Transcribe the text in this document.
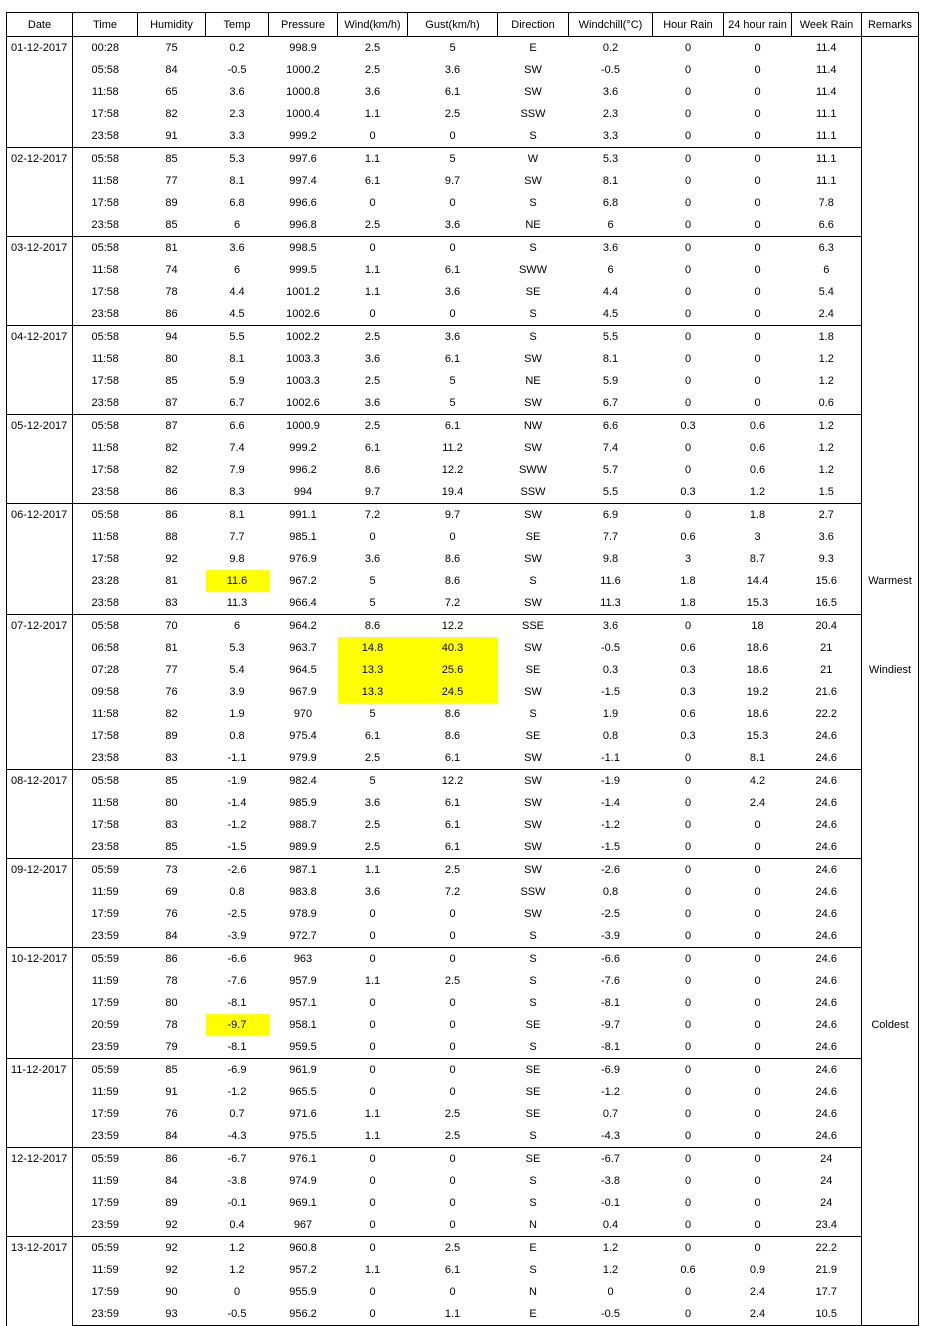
Date	Time	Humidity	Temp	Pressure	Wind(km/h)	Gust(km/h)	Direction	Windchill(°C)	Hour Rain	24 hour rain	Week Rain	Remarks
01-12-2017	00:28	75	0.2	998.9	2.5	5	E	0.2	0	0	11.4	
	05:58	84	-0.5	1000.2	2.5	3.6	SW	-0.5	0	0	11.4	
	11:58	65	3.6	1000.8	3.6	6.1	SW	3.6	0	0	11.4	
	17:58	82	2.3	1000.4	1.1	2.5	SSW	2.3	0	0	11.1	
	23:58	91	3.3	999.2	0	0	S	3.3	0	0	11.1	
02-12-2017	05:58	85	5.3	997.6	1.1	5	W	5.3	0	0	11.1	
	11:58	77	8.1	997.4	6.1	9.7	SW	8.1	0	0	11.1	
	17:58	89	6.8	996.6	0	0	S	6.8	0	0	7.8	
	23:58	85	6	996.8	2.5	3.6	NE	6	0	0	6.6	
03-12-2017	05:58	81	3.6	998.5	0	0	S	3.6	0	0	6.3	
	11:58	74	6	999.5	1.1	6.1	SWW	6	0	0	6	
	17:58	78	4.4	1001.2	1.1	3.6	SE	4.4	0	0	5.4	
	23:58	86	4.5	1002.6	0	0	S	4.5	0	0	2.4	
04-12-2017	05:58	94	5.5	1002.2	2.5	3.6	S	5.5	0	0	1.8	
	11:58	80	8.1	1003.3	3.6	6.1	SW	8.1	0	0	1.2	
	17:58	85	5.9	1003.3	2.5	5	NE	5.9	0	0	1.2	
	23:58	87	6.7	1002.6	3.6	5	SW	6.7	0	0	0.6	
05-12-2017	05:58	87	6.6	1000.9	2.5	6.1	NW	6.6	0.3	0.6	1.2	
	11:58	82	7.4	999.2	6.1	11.2	SW	7.4	0	0.6	1.2	
	17:58	82	7.9	996.2	8.6	12.2	SWW	5.7	0	0.6	1.2	
	23:58	86	8.3	994	9.7	19.4	SSW	5.5	0.3	1.2	1.5	
06-12-2017	05:58	86	8.1	991.1	7.2	9.7	SW	6.9	0	1.8	2.7	
	11:58	88	7.7	985.1	0	0	SE	7.7	0.6	3	3.6	
	17:58	92	9.8	976.9	3.6	8.6	SW	9.8	3	8.7	9.3	
	23:28	81	11.6	967.2	5	8.6	S	11.6	1.8	14.4	15.6	Warmest
	23:58	83	11.3	966.4	5	7.2	SW	11.3	1.8	15.3	16.5	
07-12-2017	05:58	70	6	964.2	8.6	12.2	SSE	3.6	0	18	20.4	
	06:58	81	5.3	963.7	14.8	40.3	SW	-0.5	0.6	18.6	21	
	07:28	77	5.4	964.5	13.3	25.6	SE	0.3	0.3	18.6	21	Windiest
	09:58	76	3.9	967.9	13.3	24.5	SW	-1.5	0.3	19.2	21.6	
	11:58	82	1.9	970	5	8.6	S	1.9	0.6	18.6	22.2	
	17:58	89	0.8	975.4	6.1	8.6	SE	0.8	0.3	15.3	24.6	
	23:58	83	-1.1	979.9	2.5	6.1	SW	-1.1	0	8.1	24.6	
08-12-2017	05:58	85	-1.9	982.4	5	12.2	SW	-1.9	0	4.2	24.6	
	11:58	80	-1.4	985.9	3.6	6.1	SW	-1.4	0	2.4	24.6	
	17:58	83	-1.2	988.7	2.5	6.1	SW	-1.2	0	0	24.6	
	23:58	85	-1.5	989.9	2.5	6.1	SW	-1.5	0	0	24.6	
09-12-2017	05:59	73	-2.6	987.1	1.1	2.5	SW	-2.6	0	0	24.6	
	11:59	69	0.8	983.8	3.6	7.2	SSW	0.8	0	0	24.6	
	17:59	76	-2.5	978.9	0	0	SW	-2.5	0	0	24.6	
	23:59	84	-3.9	972.7	0	0	S	-3.9	0	0	24.6	
10-12-2017	05:59	86	-6.6	963	0	0	S	-6.6	0	0	24.6	
	11:59	78	-7.6	957.9	1.1	2.5	S	-7.6	0	0	24.6	
	17:59	80	-8.1	957.1	0	0	S	-8.1	0	0	24.6	
	20:59	78	-9.7	958.1	0	0	SE	-9.7	0	0	24.6	Coldest
	23:59	79	-8.1	959.5	0	0	S	-8.1	0	0	24.6	
11-12-2017	05:59	85	-6.9	961.9	0	0	SE	-6.9	0	0	24.6	
	11:59	91	-1.2	965.5	0	0	SE	-1.2	0	0	24.6	
	17:59	76	0.7	971.6	1.1	2.5	SE	0.7	0	0	24.6	
	23:59	84	-4.3	975.5	1.1	2.5	S	-4.3	0	0	24.6	
12-12-2017	05:59	86	-6.7	976.1	0	0	SE	-6.7	0	0	24	
	11:59	84	-3.8	974.9	0	0	S	-3.8	0	0	24	
	17:59	89	-0.1	969.1	0	0	S	-0.1	0	0	24	
	23:59	92	0.4	967	0	0	N	0.4	0	0	23.4	
13-12-2017	05:59	92	1.2	960.8	0	2.5	E	1.2	0	0	22.2	
	11:59	92	1.2	957.2	1.1	6.1	S	1.2	0.6	0.9	21.9	
	17:59	90	0	955.9	0	0	N	0	0	2.4	17.7	
	23:59	93	-0.5	956.2	0	1.1	E	-0.5	0	2.4	10.5	
